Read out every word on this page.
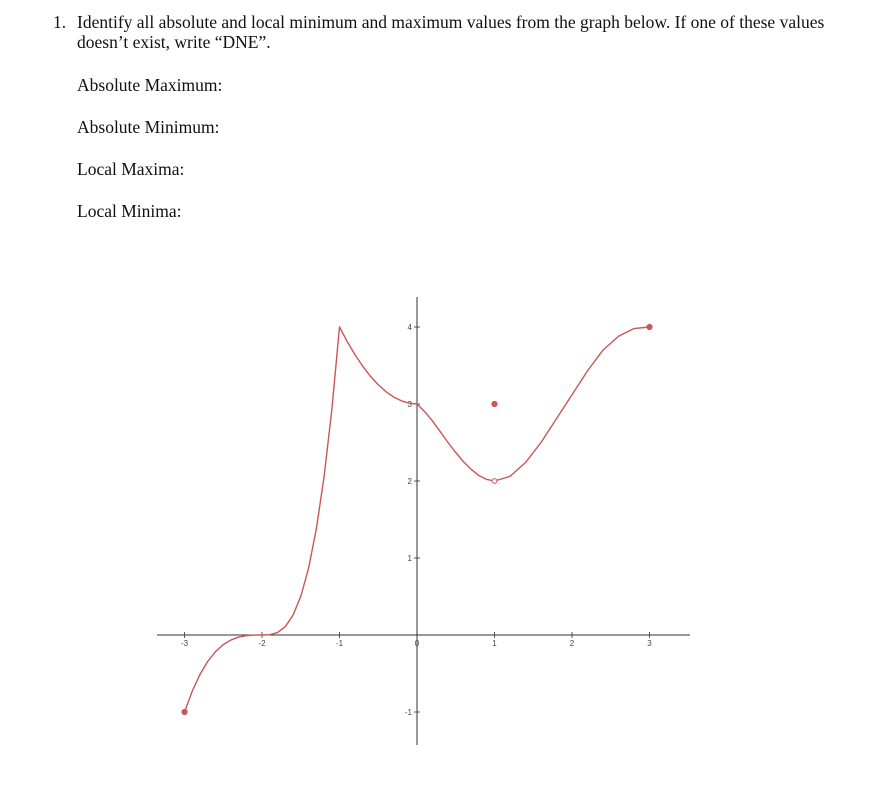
1. Identify all absolute and local minimum and maximum values from the graph below. If one of these values
doesn’t exist, write “DNE”.
Absolute Maximum:
Absolute Minimum:
Local Maxima:
Local Minima:
-3	-2	-1	0	1	2	3
-1
1
2
3
4
